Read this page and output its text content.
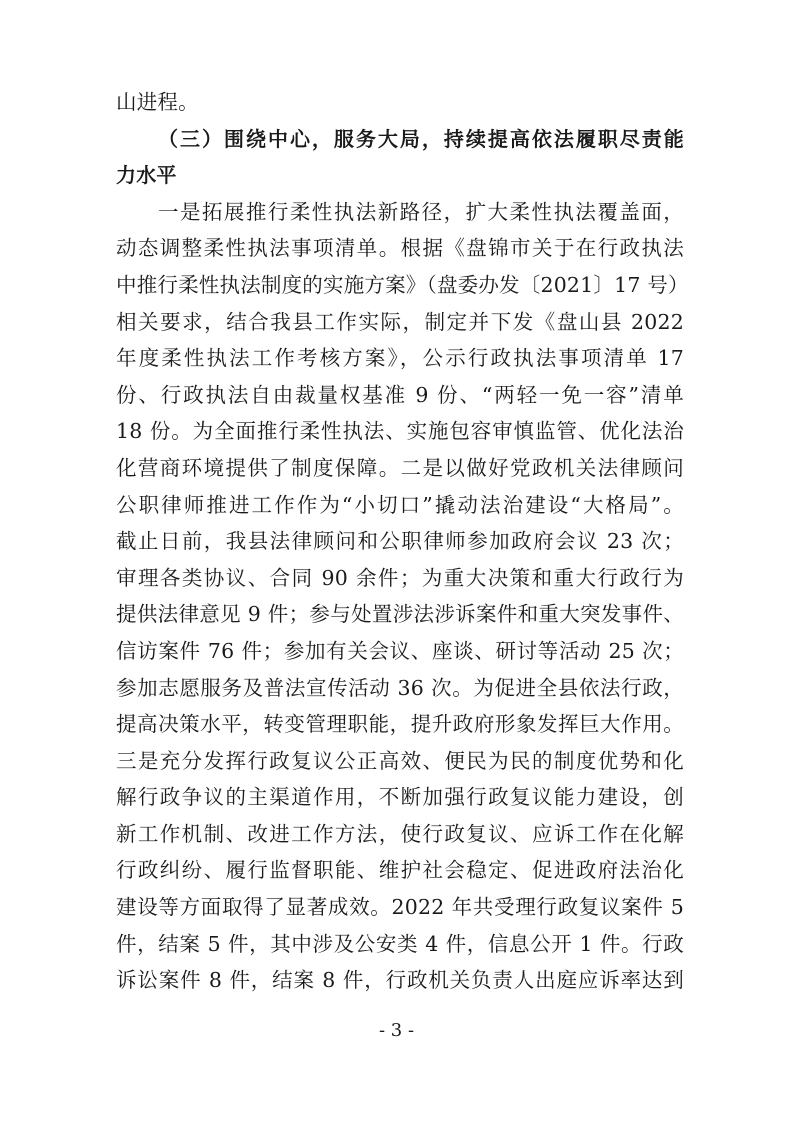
山进程。
（三）围绕中心，服务大局，持续提高依法履职尽责能
力水平
一是拓展推行柔性执法新路径，扩大柔性执法覆盖面，
动态调整柔性执法事项清单。根据《盘锦市关于在行政执法
中推行柔性执法制度的实施方案》（盘委办发〔2021〕17 号）
相关要求，结合我县工作实际，制定并下发《盘山县 2022
年度柔性执法工作考核方案》，公示行政执法事项清单 17
份、行政执法自由裁量权基准 9 份、“两轻一免一容”清单
18 份。为全面推行柔性执法、实施包容审慎监管、优化法治
化营商环境提供了制度保障。二是以做好党政机关法律顾问
公职律师推进工作作为“小切口”撬动法治建设“大格局”。
截止日前，我县法律顾问和公职律师参加政府会议 23 次；
审理各类协议、合同 90 余件；为重大决策和重大行政行为
提供法律意见 9 件；参与处置涉法涉诉案件和重大突发事件、
信访案件 76 件；参加有关会议、座谈、研讨等活动 25 次；
参加志愿服务及普法宣传活动 36 次。为促进全县依法行政，
提高决策水平，转变管理职能，提升政府形象发挥巨大作用。
三是充分发挥行政复议公正高效、便民为民的制度优势和化
解行政争议的主渠道作用，不断加强行政复议能力建设，创
新工作机制、改进工作方法，使行政复议、应诉工作在化解
行政纠纷、履行监督职能、维护社会稳定、促进政府法治化
建设等方面取得了显著成效。2022 年共受理行政复议案件 5
件，结案 5 件，其中涉及公安类 4 件，信息公开 1 件。行政
诉讼案件 8 件，结案 8 件，行政机关负责人出庭应诉率达到
- 3 -
